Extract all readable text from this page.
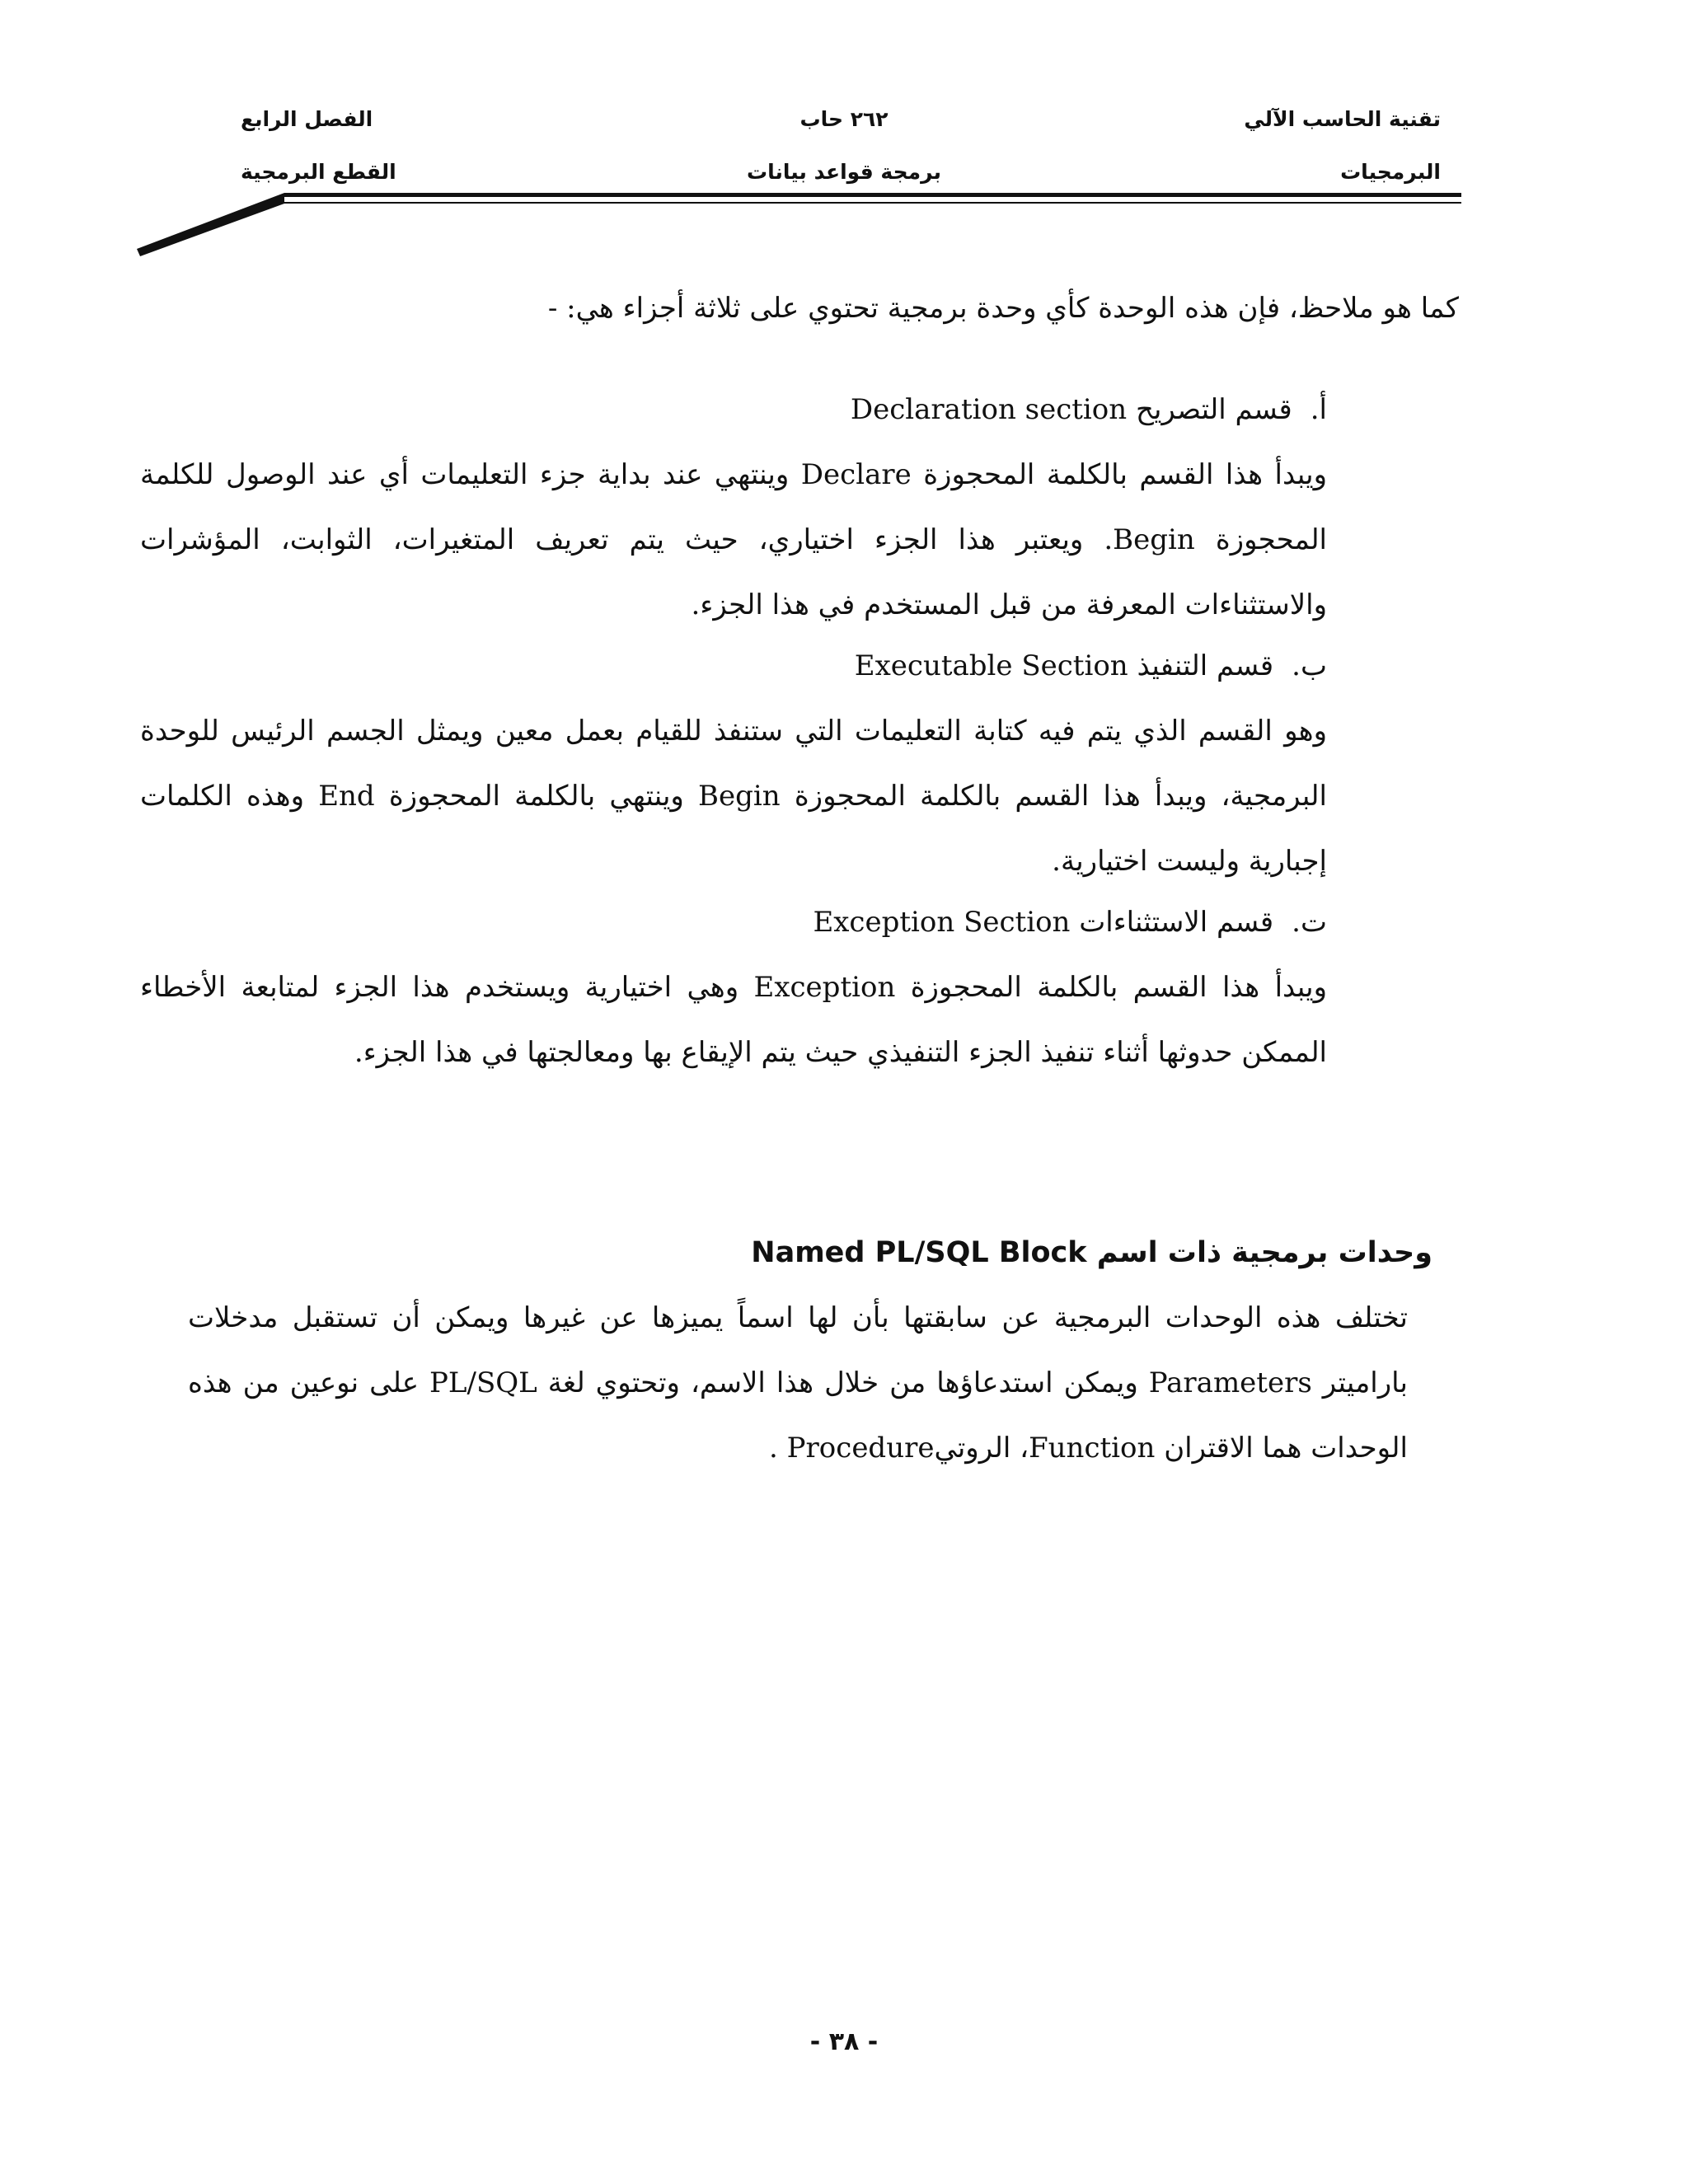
تقنية الحاسب الآلي
البرمجيات
٢٦٢ حاب
برمجة قواعد بيانات
الفصل الرابع
القطع البرمجية
كما هو ملاحظ، فإن هذه الوحدة كأي وحدة برمجية تحتوي على ثلاثة أجزاء هي: -

أ.قسم التصريح Declaration section

ويبدأ هذا القسم بالكلمة المحجوزة Declare وينتهي عند بداية جزء التعليمات أي عند الوصول للكلمة المحجوزة Begin. ويعتبر هذا الجزء اختياري، حيث يتم تعريف المتغيرات، الثوابت، المؤشرات والاستثناءات المعرفة من قبل المستخدم في هذا الجزء.

ب.قسم التنفيذ Executable Section

وهو القسم الذي يتم فيه كتابة التعليمات التي ستنفذ للقيام بعمل معين ويمثل الجسم الرئيس للوحدة البرمجية، ويبدأ هذا القسم بالكلمة المحجوزة Begin وينتهي بالكلمة المحجوزة End وهذه الكلمات إجبارية وليست اختيارية.

ت.قسم الاستثناءات Exception Section

ويبدأ هذا القسم بالكلمة المحجوزة Exception وهي اختيارية ويستخدم هذا الجزء لمتابعة الأخطاء الممكن حدوثها أثناء تنفيذ الجزء التنفيذي حيث يتم الإيقاع بها ومعالجتها في هذا الجزء.

وحدات برمجية ذات اسم Named PL/SQL Block

تختلف هذه الوحدات البرمجية عن سابقتها بأن لها اسماً يميزها عن غيرها ويمكن أن تستقبل مدخلات باراميتر Parameters ويمكن استدعاؤها من خلال هذا الاسم، وتحتوي لغة PL/SQL على نوعين من هذه الوحدات هما الاقتران Function، الروتيProcedure .

- ٣٨ -
